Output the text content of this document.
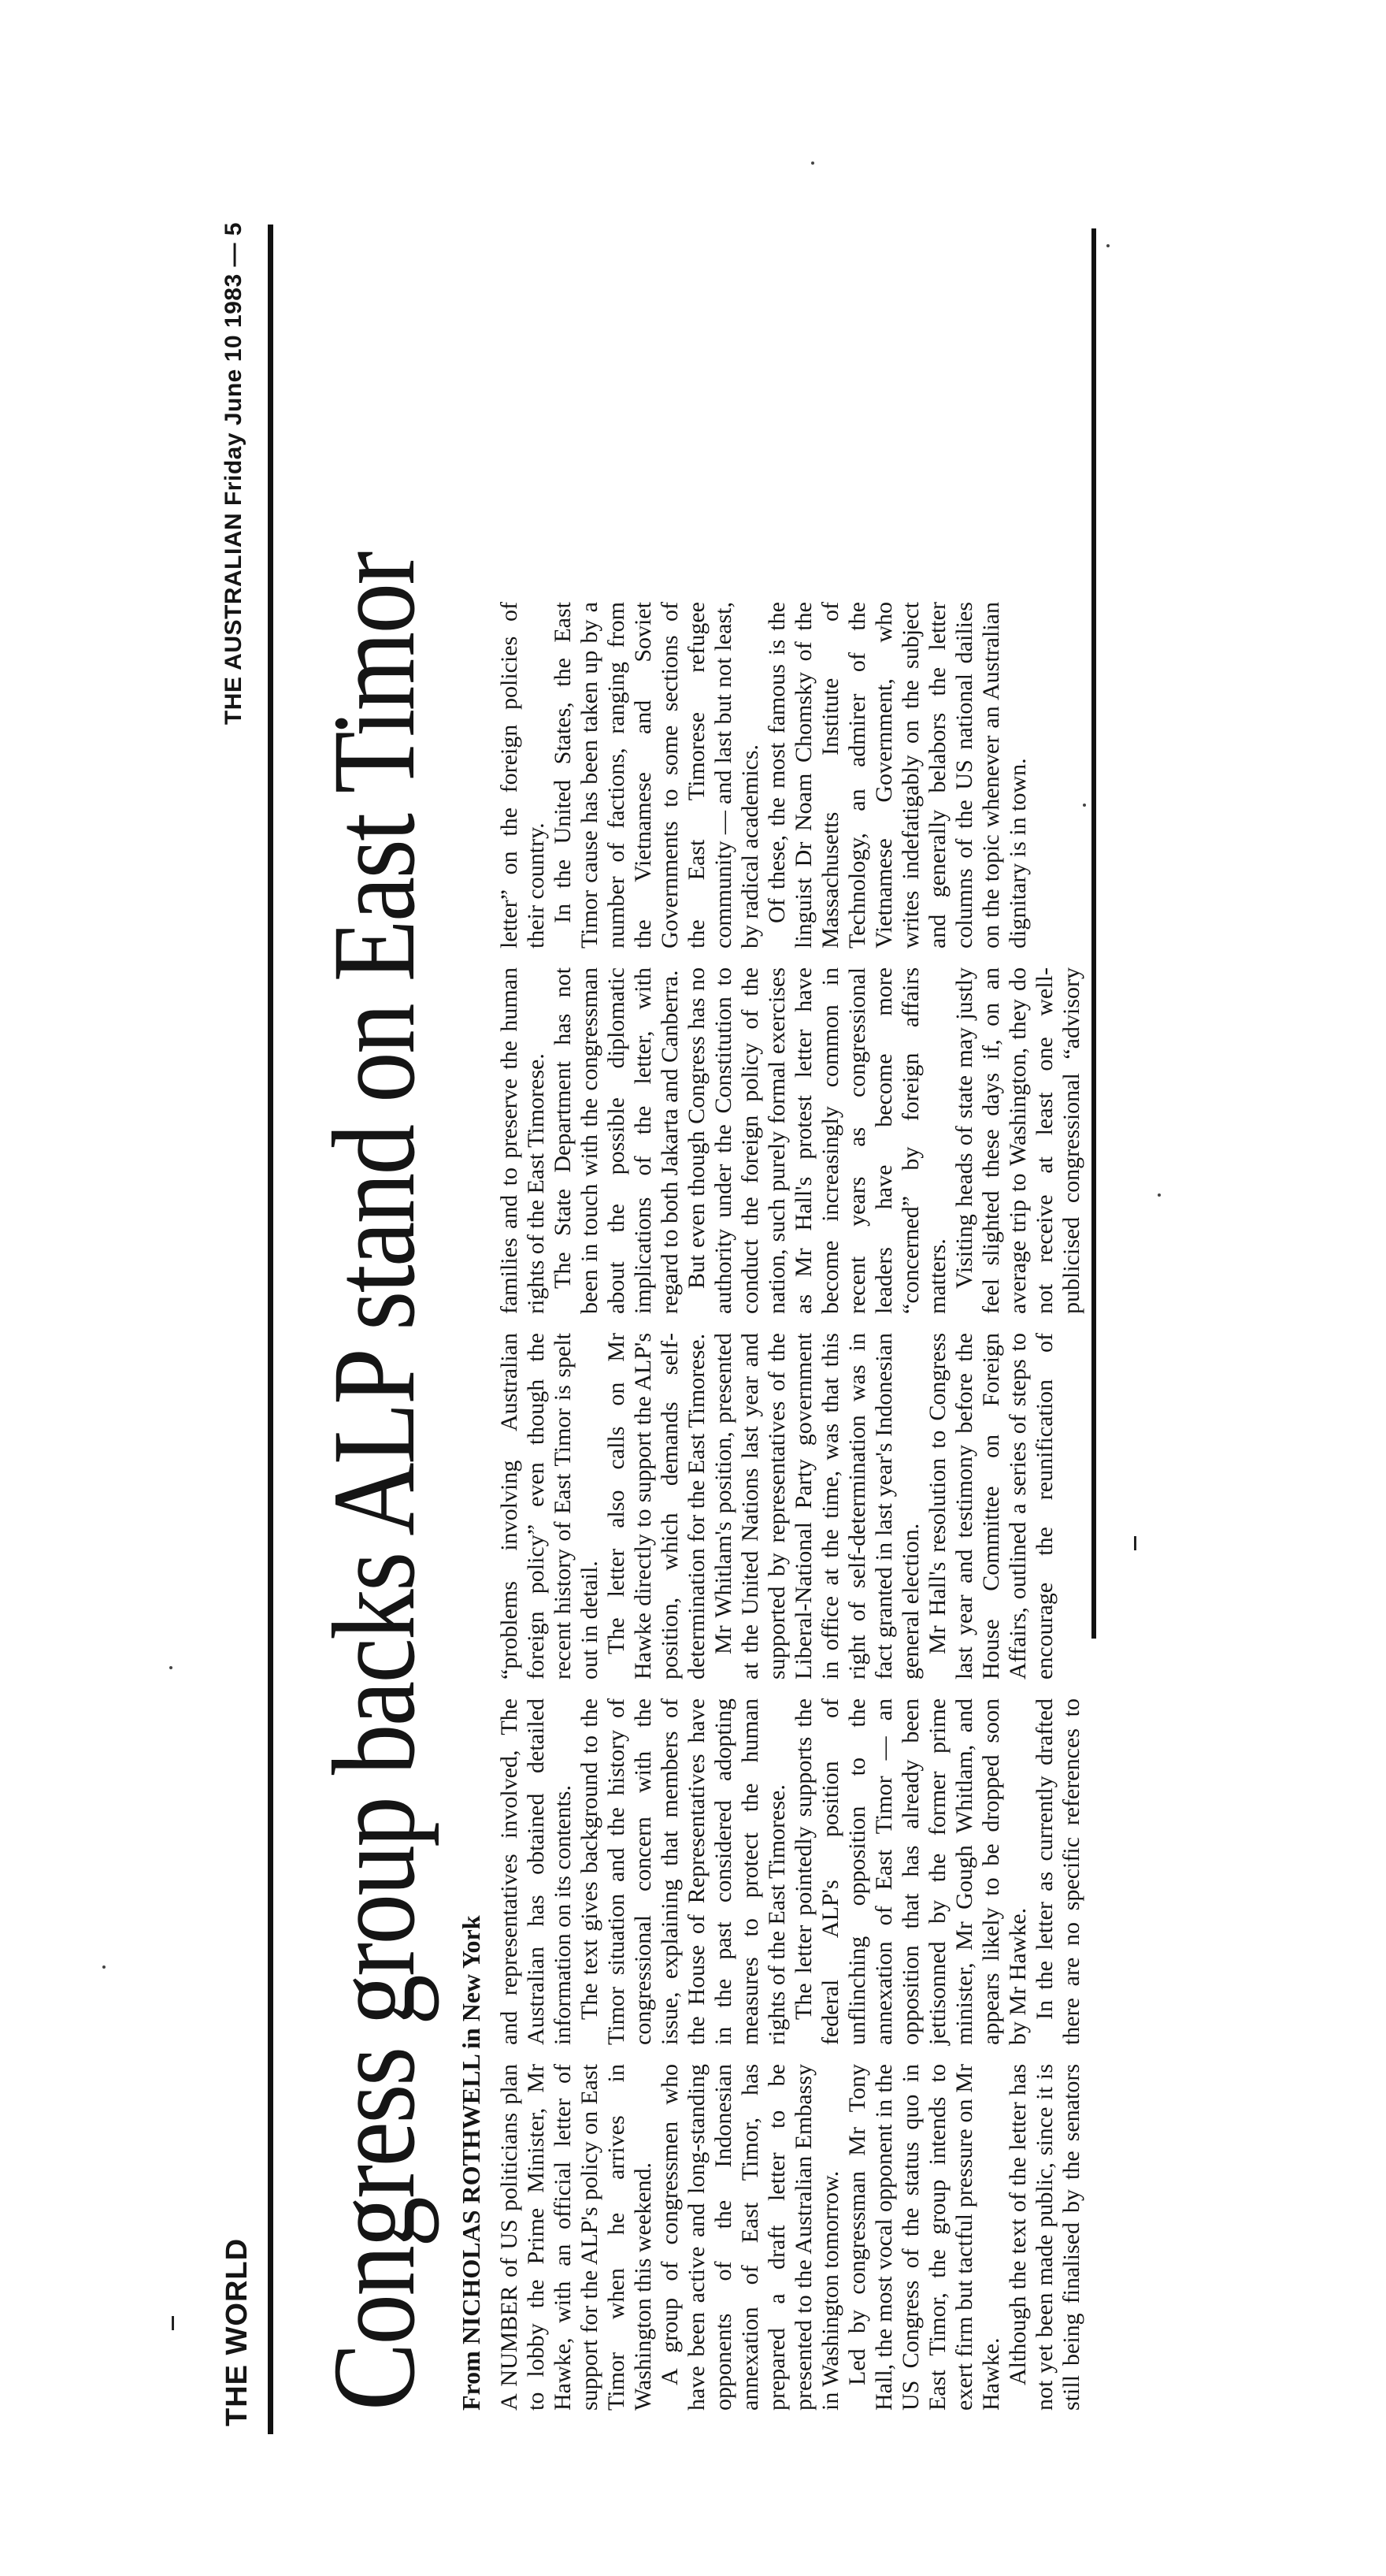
THE WORLD
THE AUSTRALIAN Friday June 10 1983 — 5
Congress group backs ALP stand on East Timor From NICHOLAS ROTHWELL in New York

A NUMBER of US politicians plan to lobby the Prime Minister, Mr Hawke, with an official letter of support for the ALP's policy on East Timor when he arrives in Washington this weekend. A group of congressmen who have been active and long-standing opponents of the Indonesian annexation of East Timor, has prepared a draft letter to be presented to the Australian Embassy in Washington tomorrow. Led by congressman Mr Tony Hall, the most vocal opponent in the US Congress of the status quo in East Timor, the group intends to exert firm but tactful pressure on Mr Hawke. Although the text of the letter has not yet been made public, since it is still being finalised by the senators and representatives involved, The Australian has obtained detailed information on its contents. The text gives background to the Timor situation and the history of congressional concern with the issue, explaining that members of the House of Representatives have in the past considered adopting measures to protect the human rights of the East Timorese. The letter pointedly supports the federal ALP's position of unflinching opposition to the annexation of East Timor — an opposition that has already been jettisonned by the former prime minister, Mr Gough Whitlam, and appears likely to be dropped soon by Mr Hawke. In the letter as currently drafted there are no specific references to “problems involving Australian foreign policy” even though the recent history of East Timor is spelt out in detail. The letter also calls on Mr Hawke directly to support the ALP's position, which demands self-determination for the East Timorese. Mr Whitlam's position, presented at the United Nations last year and supported by representatives of the Liberal-National Party government in office at the time, was that this right of self-determination was in fact granted in last year's Indonesian general election. Mr Hall's resolution to Congress last year and testimony before the House Committee on Foreign Affairs, outlined a series of steps to encourage the reunification of families and to preserve the human rights of the East Timorese. The State Department has not been in touch with the congressman about the possible diplomatic implications of the letter, with regard to both Jakarta and Canberra. But even though Congress has no authority under the Constitution to conduct the foreign policy of the nation, such purely formal exercises as Mr Hall's protest letter have become increasingly common in recent years as congressional leaders have become more “concerned” by foreign affairs matters. Visiting heads of state may justly feel slighted these days if, on an average trip to Washington, they do not receive at least one well-publicised congressional “advisory letter” on the foreign policies of their country. In the United States, the East Timor cause has been taken up by a number of factions, ranging from the Vietnamese and Soviet Governments to some sections of the East Timorese refugee community — and last but not least, by radical academics. Of these, the most famous is the linguist Dr Noam Chomsky of the Massachusetts Institute of Technology, an admirer of the Vietnamese Government, who writes indefatigably on the subject and generally belabors the letter columns of the US national dailies on the topic whenever an Australian dignitary is in town.
